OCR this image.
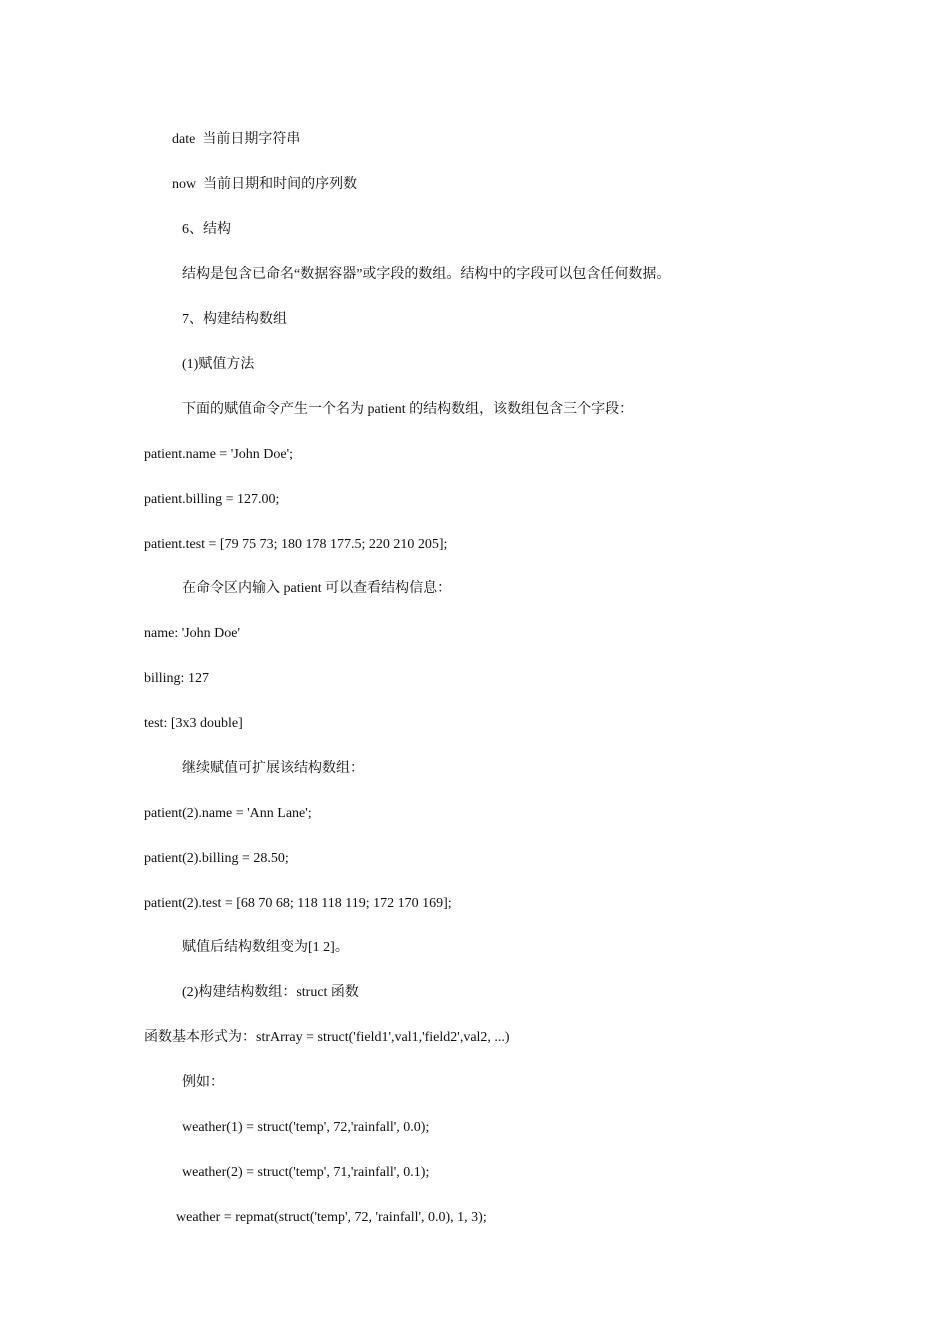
date  当前日期字符串

now  当前日期和时间的序列数

6、结构

结构是包含已命名“数据容器”或字段的数组。结构中的字段可以包含任何数据。

7、构建结构数组

(1)赋值方法

下面的赋值命令产生一个名为 patient 的结构数组，该数组包含三个字段：

patient.name = 'John Doe';

patient.billing = 127.00;

patient.test = [79 75 73; 180 178 177.5; 220 210 205];

在命令区内输入 patient 可以查看结构信息：

name: 'John Doe'

billing: 127

test: [3x3 double]

继续赋值可扩展该结构数组：

patient(2).name = 'Ann Lane';

patient(2).billing = 28.50;

patient(2).test = [68 70 68; 118 118 119; 172 170 169];

赋值后结构数组变为[1 2]。

(2)构建结构数组：struct 函数

函数基本形式为：strArray = struct('field1',val1,'field2',val2, ...)

例如：

weather(1) = struct('temp', 72,'rainfall', 0.0);

weather(2) = struct('temp', 71,'rainfall', 0.1);

weather = repmat(struct('temp', 72, 'rainfall', 0.0), 1, 3);
